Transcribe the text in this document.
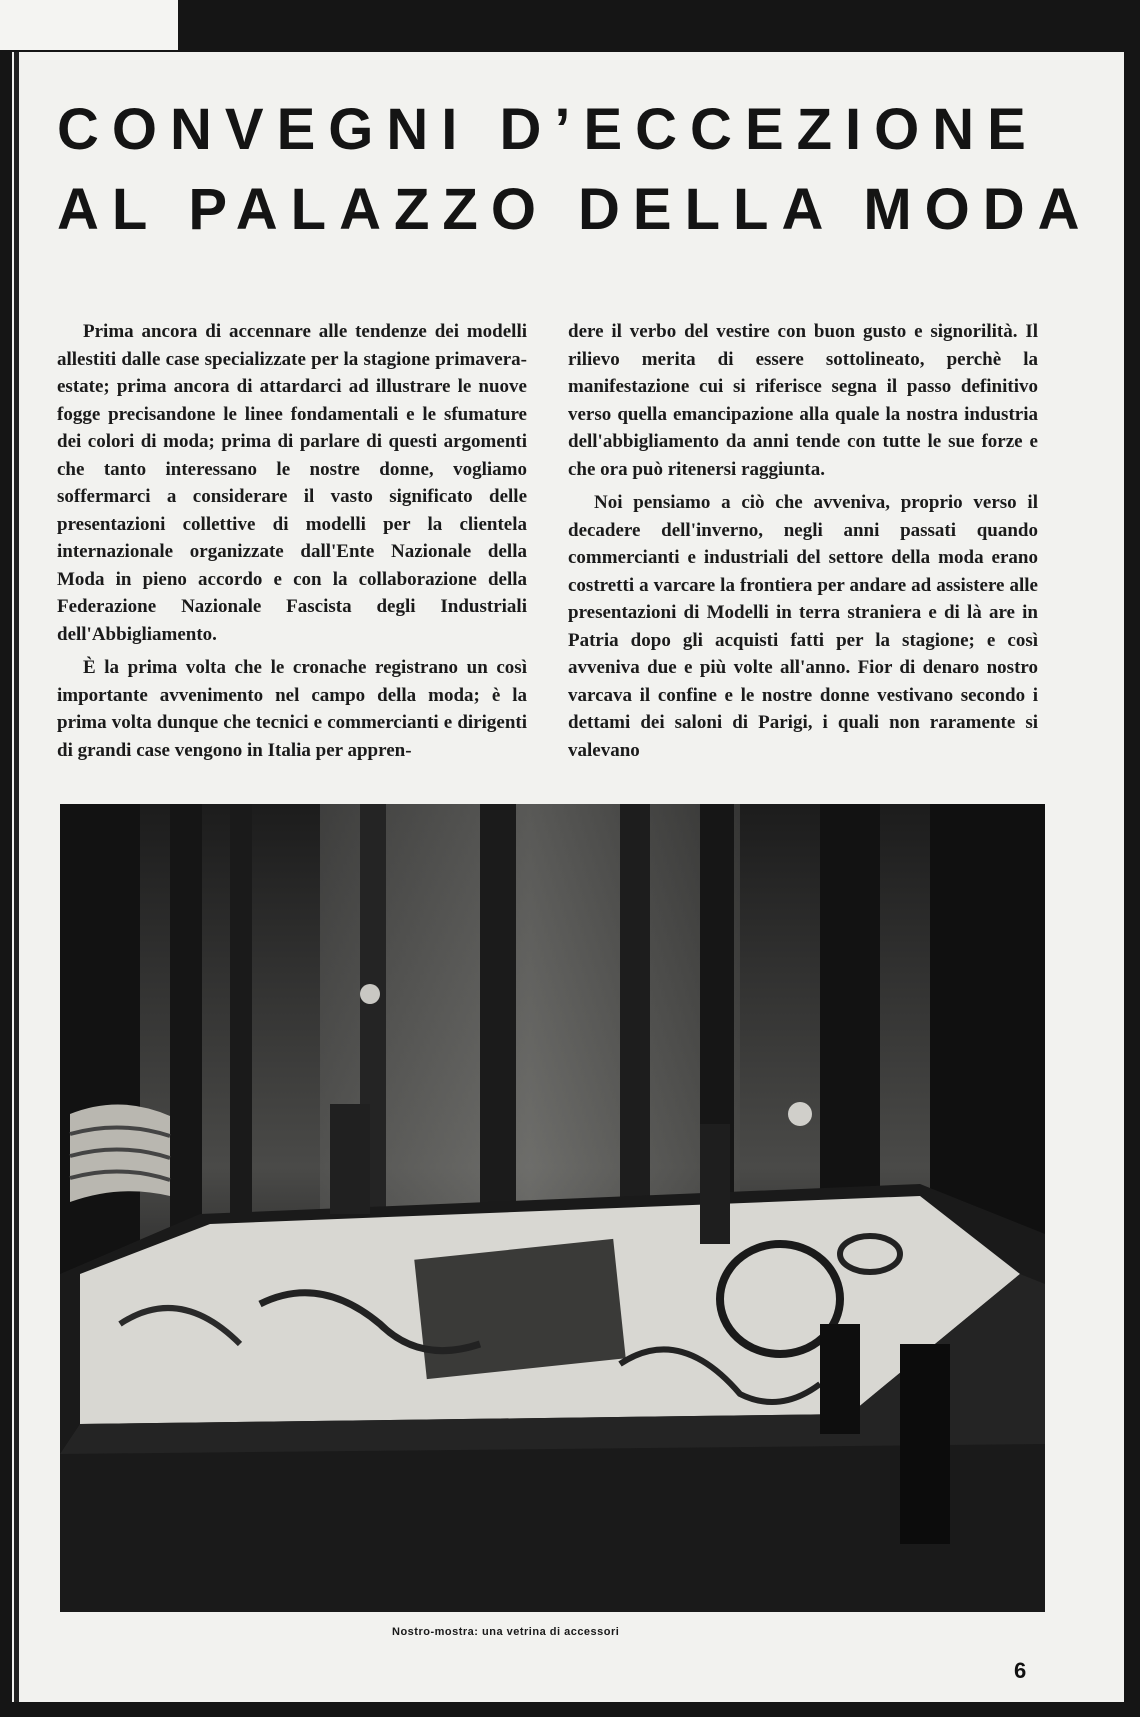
CONVEGNI D’ECCEZIONE
AL PALAZZO DELLA MODA

Prima ancora di accennare alle tendenze dei modelli allestiti dalle case specializzate per la stagione primavera-estate; prima ancora di attardarci ad illustrare le nuove fogge precisandone le linee fondamentali e le sfumature dei colori di moda; prima di parlare di questi argomenti che tanto interessano le nostre donne, vogliamo soffermarci a considerare il vasto significato delle presentazioni collettive di modelli per la clientela internazionale organizzate dall'Ente Nazionale della Moda in pieno accordo e con la collaborazione della Federazione Nazionale Fascista degli Industriali dell'Abbigliamento.

È la prima volta che le cronache registrano un così importante avvenimento nel campo della moda; è la prima volta dunque che tecnici e commercianti e dirigenti di grandi case vengono in Italia per appren-

dere il verbo del vestire con buon gusto e signorilità. Il rilievo merita di essere sottolineato, perchè la manifestazione cui si riferisce segna il passo definitivo verso quella emancipazione alla quale la nostra industria dell'abbigliamento da anni tende con tutte le sue forze e che ora può ritenersi raggiunta.

Noi pensiamo a ciò che avveniva, proprio verso il decadere dell'inverno, negli anni passati quando commercianti e industriali del settore della moda erano costretti a varcare la frontiera per andare ad assistere alle presentazioni di Modelli in terra straniera e di là are in Patria dopo gli acquisti fatti per la stagione; e così avveniva due e più volte all'anno. Fior di denaro nostro varcava il confine e le nostre donne vestivano secondo i dettami dei saloni di Parigi, i quali non raramente si valevano

Nostro-mostra: una vetrina di accessori
6
